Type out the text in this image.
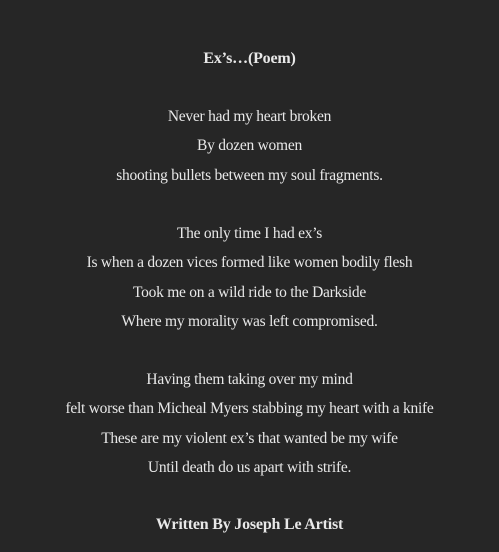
Ex’s…(Poem)
Never had my heart broken
By dozen women
shooting bullets between my soul fragments.
The only time I had ex’s
Is when a dozen vices formed like women bodily flesh
Took me on a wild ride to the Darkside
Where my morality was left compromised.
Having them taking over my mind
felt worse than Micheal Myers stabbing my heart with a knife
These are my violent ex’s that wanted be my wife
Until death do us apart with strife.
Written By Joseph Le Artist
